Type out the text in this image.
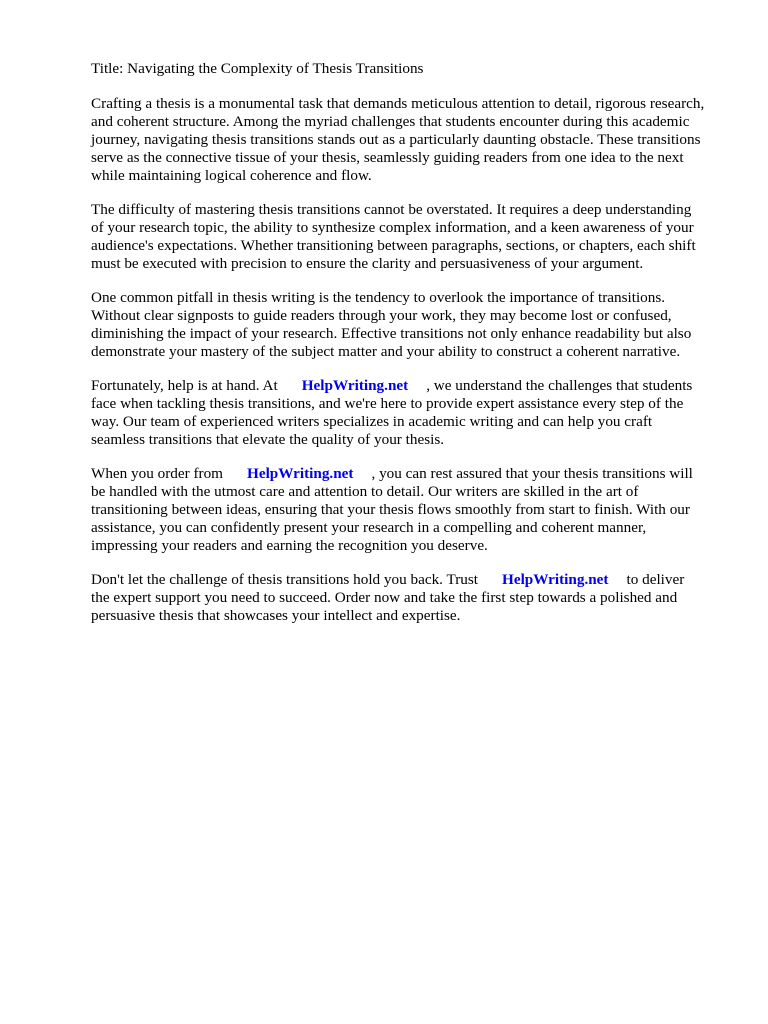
Title: Navigating the Complexity of Thesis Transitions
Crafting a thesis is a monumental task that demands meticulous attention to detail, rigorous research,
and coherent structure. Among the myriad challenges that students encounter during this academic
journey, navigating thesis transitions stands out as a particularly daunting obstacle. These transitions
serve as the connective tissue of your thesis, seamlessly guiding readers from one idea to the next
while maintaining logical coherence and flow.
The difficulty of mastering thesis transitions cannot be overstated. It requires a deep understanding
of your research topic, the ability to synthesize complex information, and a keen awareness of your
audience's expectations. Whether transitioning between paragraphs, sections, or chapters, each shift
must be executed with precision to ensure the clarity and persuasiveness of your argument.
One common pitfall in thesis writing is the tendency to overlook the importance of transitions.
Without clear signposts to guide readers through your work, they may become lost or confused,
diminishing the impact of your research. Effective transitions not only enhance readability but also
demonstrate your mastery of the subject matter and your ability to construct a coherent narrative.
Fortunately, help is at hand. At HelpWriting.net , we understand the challenges that students
face when tackling thesis transitions, and we're here to provide expert assistance every step of the
way. Our team of experienced writers specializes in academic writing and can help you craft
seamless transitions that elevate the quality of your thesis.
When you order from HelpWriting.net , you can rest assured that your thesis transitions will
be handled with the utmost care and attention to detail. Our writers are skilled in the art of
transitioning between ideas, ensuring that your thesis flows smoothly from start to finish. With our
assistance, you can confidently present your research in a compelling and coherent manner,
impressing your readers and earning the recognition you deserve.
Don't let the challenge of thesis transitions hold you back. Trust HelpWriting.net to deliver
the expert support you need to succeed. Order now and take the first step towards a polished and
persuasive thesis that showcases your intellect and expertise.
